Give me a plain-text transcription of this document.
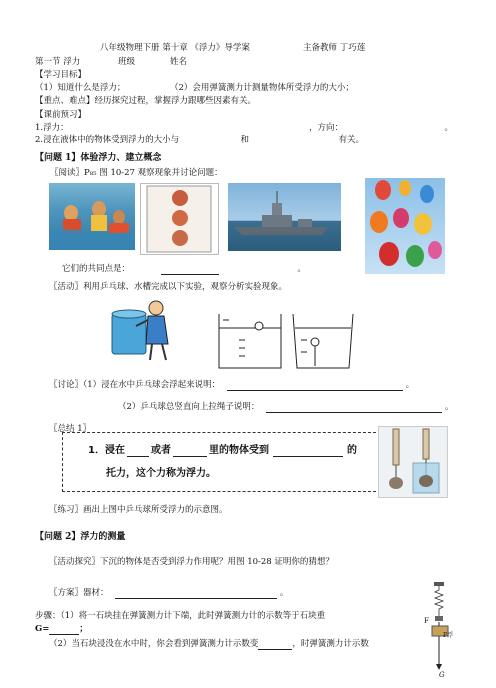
八年级物理下册 第十章 《浮力》导学案	主备教师 丁巧莲
第一节 浮力	班级	姓名
【学习目标】
（1）知道什么是浮力；	（2）会用弹簧测力计测量物体所受浮力的大小；
【重点、难点】经历探究过程，掌握浮力跟哪些因素有关。
【课前预习】
1.浮力：	，方向：	。
2.浸在液体中的物体受到浮力的大小与	和	有关。
【问题 1】体验浮力、建立概念
〖阅读〗P₈₅ 图 10-27 观察现象并讨论问题：
它们的共同点是：	。
〖活动〗利用乒乓球、水槽完成以下实验，观察分析实验现象。
〖讨论〗（1）浸在水中乒乓球会浮起来说明：	。
（2）乒乓球总竖直向上拉绳子说明：	。
〖总结 1〗
1．浸在	或者	里的物体受到	的
托力，这个力称为浮力。
〖练习〗画出上图中乒乓球所受浮力的示意图。
【问题 2】浮力的测量
〖活动探究〗下沉的物体是否受到浮力作用呢？用图 10-28 证明你的猜想？
〖方案〗器材：	。
步骤：（1）将一石块挂在弹簧测力计下端，此时弹簧测力计的示数等于石块重
G=	；
（2）当石块浸没在水中时，你会看到弹簧测力计示数变	，时弹簧测力计示数
F
F浮
G
